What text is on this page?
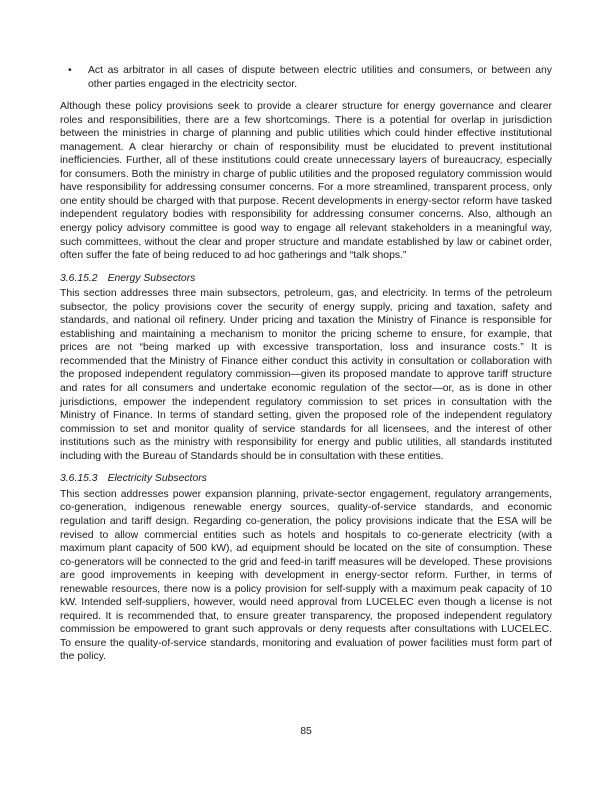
•	Act as arbitrator in all cases of dispute between electric utilities and consumers, or between any other parties engaged in the electricity sector.

Although these policy provisions seek to provide a clearer structure for energy governance and clearer roles and responsibilities, there are a few shortcomings. There is a potential for overlap in jurisdiction between the ministries in charge of planning and public utilities which could hinder effective institutional management. A clear hierarchy or chain of responsibility must be elucidated to prevent institutional inefficiencies. Further, all of these institutions could create unnecessary layers of bureaucracy, especially for consumers. Both the ministry in charge of public utilities and the proposed regulatory commission would have responsibility for addressing consumer concerns. For a more streamlined, transparent process, only one entity should be charged with that purpose. Recent developments in energy-sector reform have tasked independent regulatory bodies with responsibility for addressing consumer concerns. Also, although an energy policy advisory committee is good way to engage all relevant stakeholders in a meaningful way, such committees, without the clear and proper structure and mandate established by law or cabinet order, often suffer the fate of being reduced to ad hoc gatherings and “talk shops.”

3.6.15.2 Energy Subsectors

This section addresses three main subsectors, petroleum, gas, and electricity. In terms of the petroleum subsector, the policy provisions cover the security of energy supply, pricing and taxation, safety and standards, and national oil refinery. Under pricing and taxation the Ministry of Finance is responsible for establishing and maintaining a mechanism to monitor the pricing scheme to ensure, for example, that prices are not “being marked up with excessive transportation, loss and insurance costs.” It is recommended that the Ministry of Finance either conduct this activity in consultation or collaboration with the proposed independent regulatory commission—given its proposed mandate to approve tariff structure and rates for all consumers and undertake economic regulation of the sector—or, as is done in other jurisdictions, empower the independent regulatory commission to set prices in consultation with the Ministry of Finance. In terms of standard setting, given the proposed role of the independent regulatory commission to set and monitor quality of service standards for all licensees, and the interest of other institutions such as the ministry with responsibility for energy and public utilities, all standards instituted including with the Bureau of Standards should be in consultation with these entities.

3.6.15.3 Electricity Subsectors

This section addresses power expansion planning, private-sector engagement, regulatory arrangements, co-generation, indigenous renewable energy sources, quality-of-service standards, and economic regulation and tariff design. Regarding co-generation, the policy provisions indicate that the ESA will be revised to allow commercial entities such as hotels and hospitals to co-generate electricity (with a maximum plant capacity of 500 kW), ad equipment should be located on the site of consumption. These co-generators will be connected to the grid and feed-in tariff measures will be developed. These provisions are good improvements in keeping with development in energy-sector reform. Further, in terms of renewable resources, there now is a policy provision for self-supply with a maximum peak capacity of 10 kW. Intended self-suppliers, however, would need approval from LUCELEC even though a license is not required. It is recommended that, to ensure greater transparency, the proposed independent regulatory commission be empowered to grant such approvals or deny requests after consultations with LUCELEC. To ensure the quality-of-service standards, monitoring and evaluation of power facilities must form part of the policy.

85
